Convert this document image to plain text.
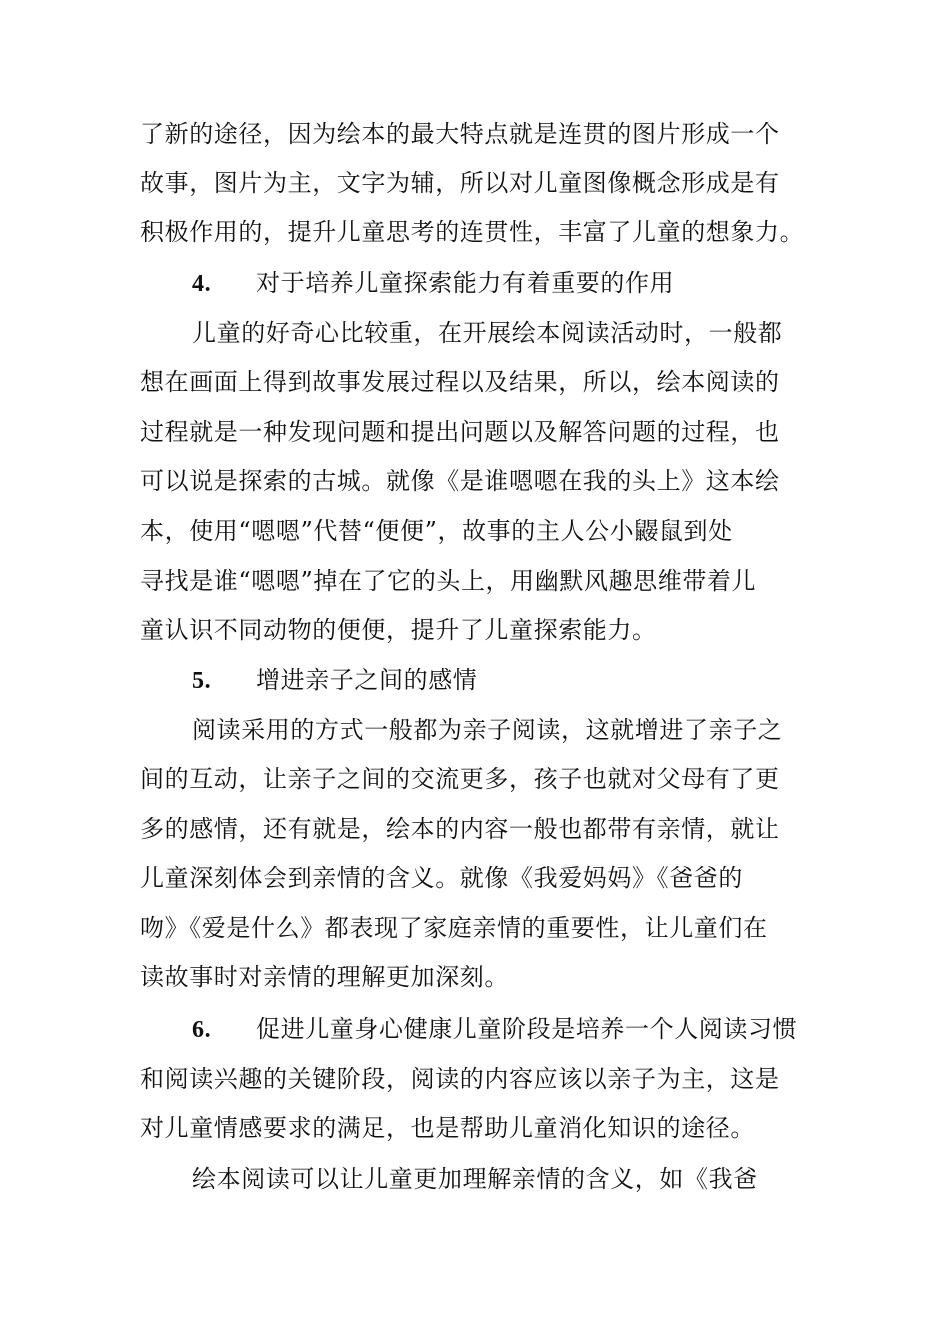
了新的途径，因为绘本的最大特点就是连贯的图片形成一个
故事，图片为主，文字为辅，所以对儿童图像概念形成是有
积极作用的，提升儿童思考的连贯性，丰富了儿童的想象力。
4. 对于培养儿童探索能力有着重要的作用
儿童的好奇心比较重，在开展绘本阅读活动时，一般都
想在画面上得到故事发展过程以及结果，所以，绘本阅读的
过程就是一种发现问题和提出问题以及解答问题的过程，也
可以说是探索的古城。就像《是谁嗯嗯在我的头上》这本绘
本，使用“嗯嗯”代替“便便”，故事的主人公小鼹鼠到处
寻找是谁“嗯嗯”掉在了它的头上，用幽默风趣思维带着儿
童认识不同动物的便便，提升了儿童探索能力。
5. 增进亲子之间的感情
阅读采用的方式一般都为亲子阅读，这就增进了亲子之
间的互动，让亲子之间的交流更多，孩子也就对父母有了更
多的感情，还有就是，绘本的内容一般也都带有亲情，就让
儿童深刻体会到亲情的含义。就像《我爱妈妈》《爸爸的
吻》《爱是什么》都表现了家庭亲情的重要性，让儿童们在
读故事时对亲情的理解更加深刻。
6. 促进儿童身心健康儿童阶段是培养一个人阅读习惯
和阅读兴趣的关键阶段，阅读的内容应该以亲子为主，这是
对儿童情感要求的满足，也是帮助儿童消化知识的途径。
绘本阅读可以让儿童更加理解亲情的含义，如《我爸
